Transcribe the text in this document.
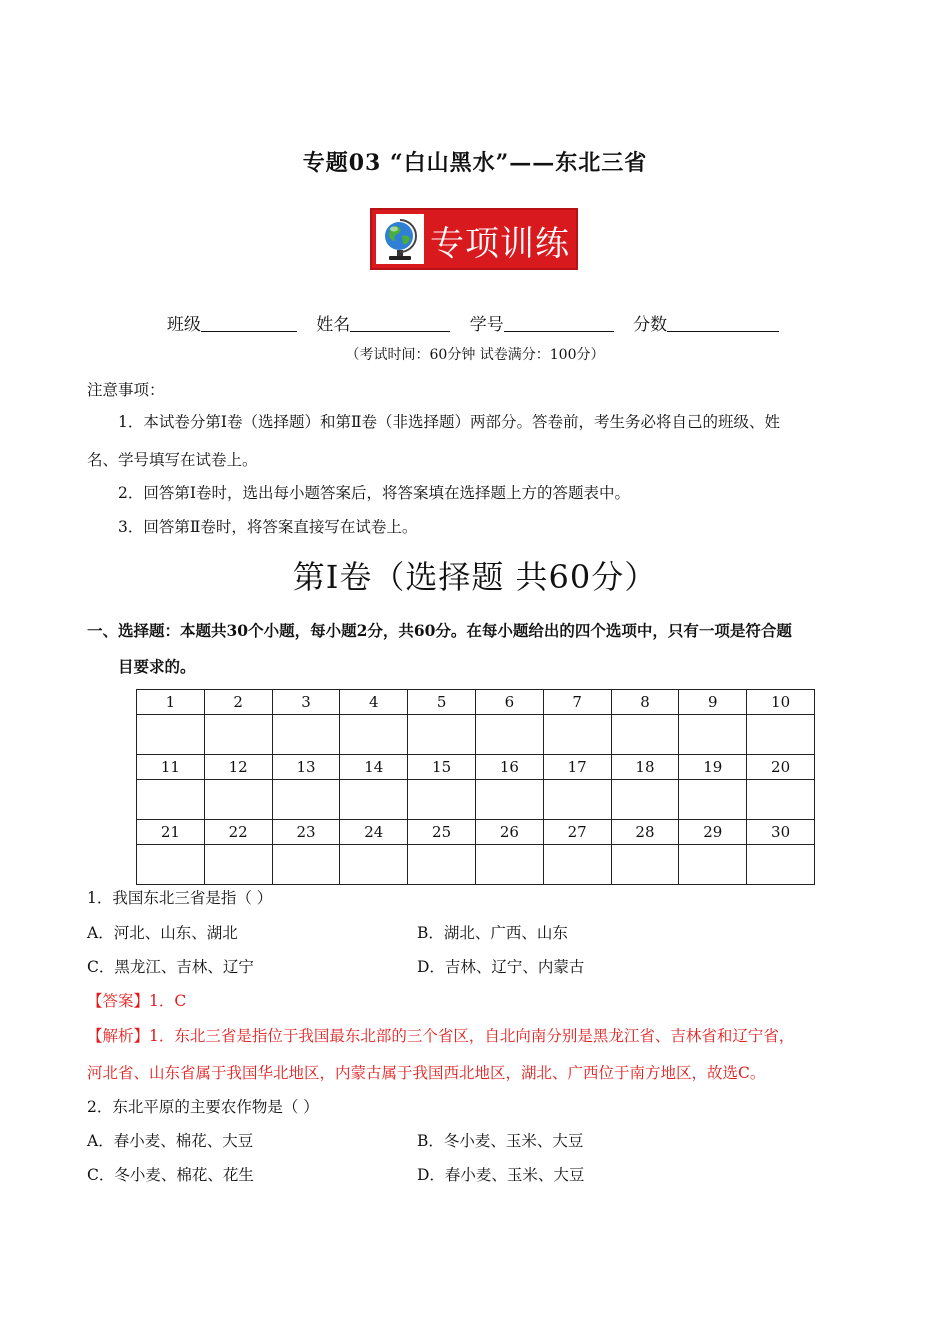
专题03 “白山黑水”——东北三省
专项训练
班级	姓名	学号	分数
（考试时间：60分钟 试卷满分：100分）
注意事项：
1．本试卷分第Ⅰ卷（选择题）和第Ⅱ卷（非选择题）两部分。答卷前，考生务必将自己的班级、姓
名、学号填写在试卷上。
2．回答第Ⅰ卷时，选出每小题答案后，将答案填在选择题上方的答题表中。
3．回答第Ⅱ卷时，将答案直接写在试卷上。
第Ⅰ卷（选择题 共60分）
一、选择题：本题共30个小题，每小题2分，共60分。在每小题给出的四个选项中，只有一项是符合题
目要求的。
1	2	3	4	5	6	7	8	9	10

11	12	13	14	15	16	17	18	19	20

21	22	23	24	25	26	27	28	29	30

1．我国东北三省是指（ ）
A．河北、山东、湖北	B．湖北、广西、山东
C．黑龙江、吉林、辽宁	D．吉林、辽宁、内蒙古
【答案】1．C
【解析】1．东北三省是指位于我国最东北部的三个省区，自北向南分别是黑龙江省、吉林省和辽宁省，
河北省、山东省属于我国华北地区，内蒙古属于我国西北地区，湖北、广西位于南方地区，故选C。
2．东北平原的主要农作物是（ ）
A．春小麦、棉花、大豆	B．冬小麦、玉米、大豆
C．冬小麦、棉花、花生	D．春小麦、玉米、大豆
